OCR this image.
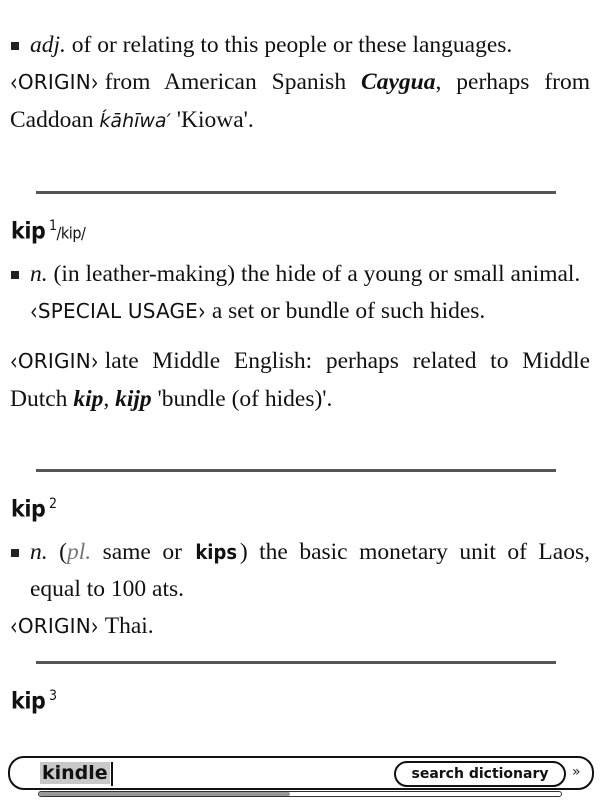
adj. of or relating to this people or these languages.

‹ORIGIN› from American Spanish Caygua, perhaps from Caddoan ḱāhīwa′ 'Kiowa'.

kip $^1$/kip/

n. (in leather-making) the hide of a young or small animal.

‹SPECIAL USAGE› a set or bundle of such hides.

‹ORIGIN› late Middle English: perhaps related to Middle Dutch kip, kijp 'bundle (of hides)'.

kip $^2$

n. (pl. same or kips) the basic monetary unit of Laos, equal to 100 ats.

‹ORIGIN› Thai.

kip $^3$
kindle	search dictionary	»
